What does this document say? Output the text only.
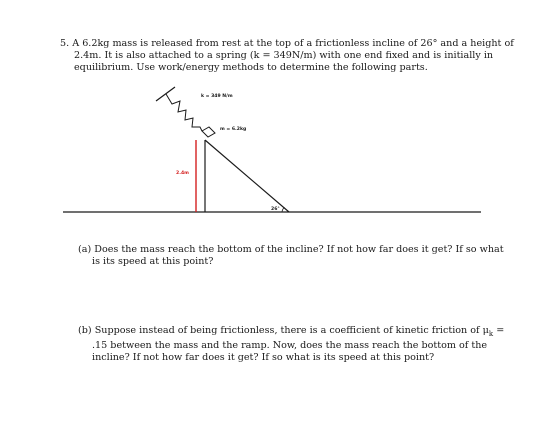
5. A 6.2kg mass is released from rest at the top of a frictionless incline of 26° and a height of 2.4m. It is also attached to a spring (k = 349N/m) with one end fixed and is initially in equilibrium. Use work/energy methods to determine the following parts.

k = 349 N/m
m = 6.2kg
2.4m
26°

(a) Does the mass reach the bottom of the incline? If not how far does it get? If so what is its speed at this point?

(b) Suppose instead of being frictionless, there is a coefficient of kinetic friction of $\mu_k = .15$ between the mass and the ramp. Now, does the mass reach the bottom of the incline? If not how far does it get? If so what is its speed at this point?
